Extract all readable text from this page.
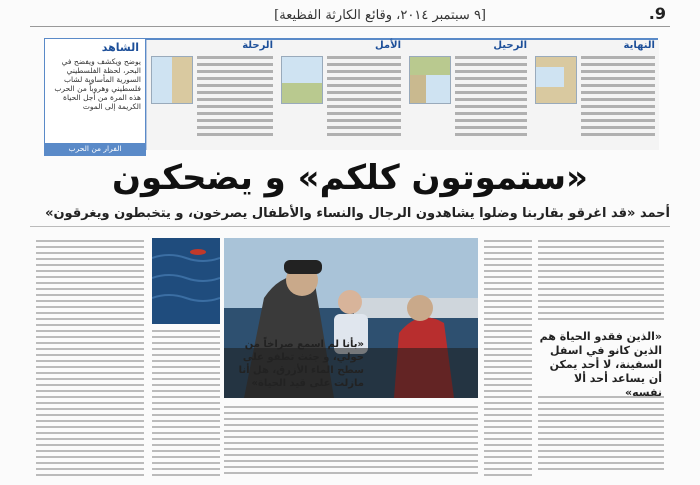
.9
[٩ سبتمبر ٢٠١٤، وقائع الكارثة الفظيعة]
النهاية
الرحيل
الأمل
الرحلة
الشاهد
يوضح ويكشف ويفضح في البحر، لحظة الفلسطيني السورية المأساوية لشاب فلسطيني وهروباً من الحرب هذه المرة من أجل الحياة الكريمة إلى الموت
الفرار من الحرب
«ستموتون كلكم» و يضحكون
أحمد «قد اغرقو بقاربنا وضلوا يشاهدون الرجال والنساء والأطفال يصرخون، و يتخبطون ويغرقون»
«بأنا لم اسمع صراخاً من حولي، و جثث تطفو على سطح الماء الأزرق، هل أنا مازلت على قيد الحياة»
«الذين فقدو الحياة هم الذين كانو في اسفل السفينة، لا أحد يمكن أن يساعد أحد ألا نفسه»
